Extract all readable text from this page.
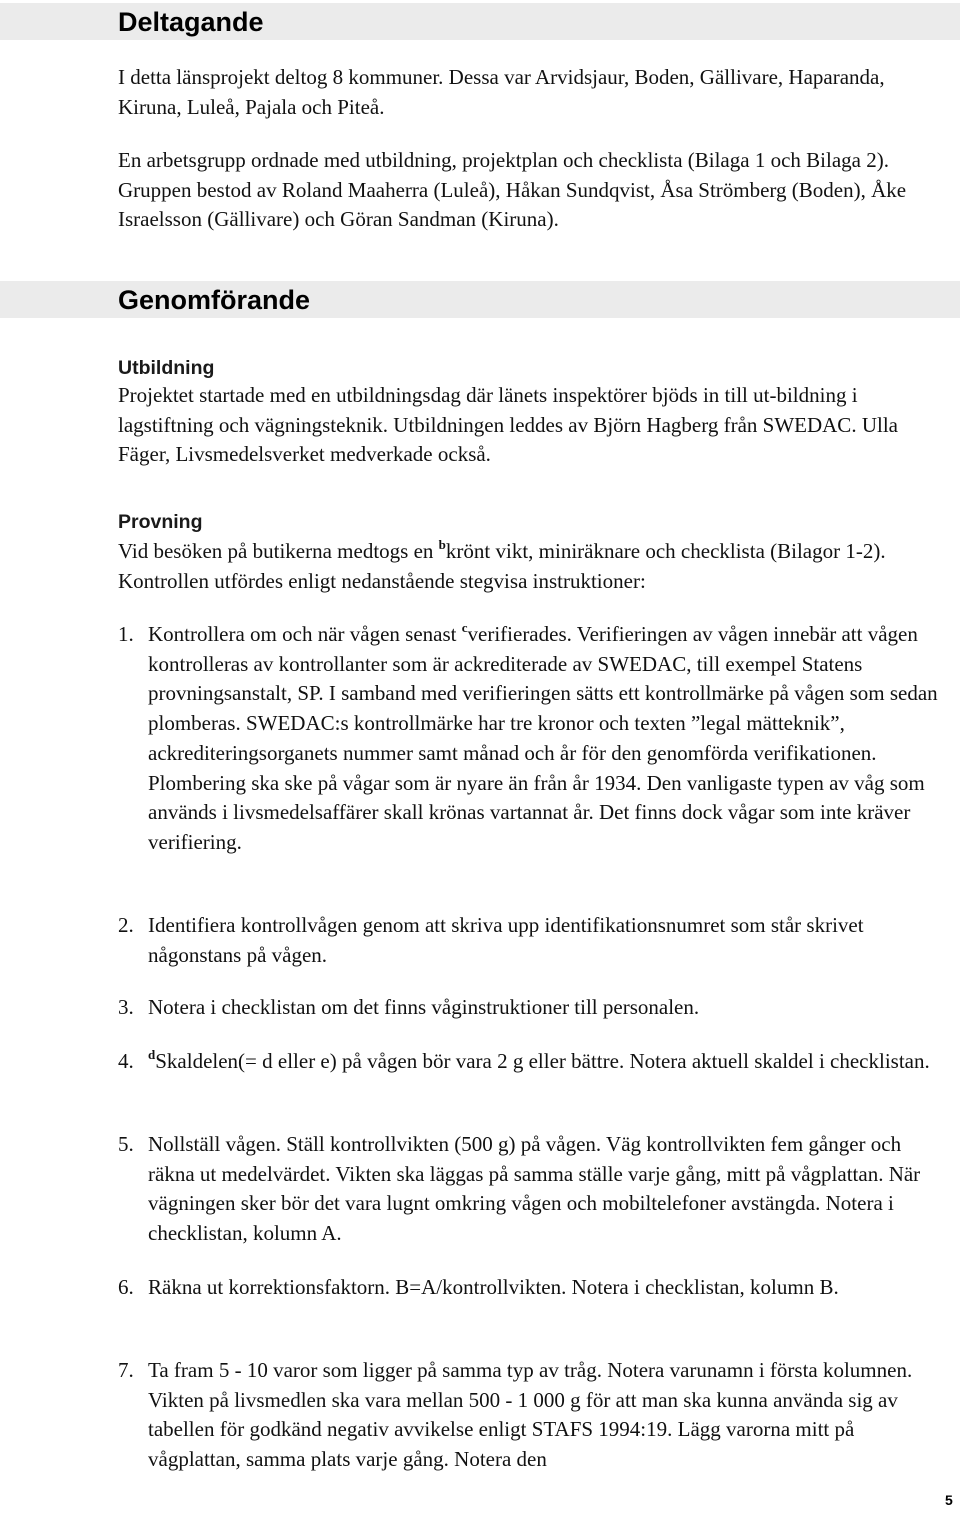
Deltagande

I detta länsprojekt deltog 8 kommuner. Dessa var Arvidsjaur, Boden, Gällivare, Haparanda, Kiruna, Luleå, Pajala och Piteå.

En arbetsgrupp ordnade med utbildning, projektplan och checklista (Bilaga 1 och Bilaga 2). Gruppen bestod av Roland Maaherra (Luleå), Håkan Sundqvist, Åsa Strömberg (Boden), Åke Israelsson (Gällivare) och Göran Sandman (Kiruna).

Genomförande
Utbildning

Projektet startade med en utbildningsdag där länets inspektörer bjöds in till ut-bildning i lagstiftning och vägningsteknik. Utbildningen leddes av Björn Hagberg från SWEDAC. Ulla Fäger, Livsmedelsverket medverkade också.

Provning

Vid besöken på butikerna medtogs en $^b$krönt vikt, miniräknare och checklista (Bilagor 1-2). Kontrollen utfördes enligt nedanstående stegvisa instruktioner:

1. Kontrollera om och när vågen senast $^c$verifierades. Verifieringen av vågen innebär att vågen kontrolleras av kontrollanter som är ackrediterade av SWEDAC, till exempel Statens provningsanstalt, SP. I samband med verifieringen sätts ett kontrollmärke på vågen som sedan plomberas. SWEDAC:s kontrollmärke har tre kronor och texten ”legal mätteknik”, ackrediteringsorganets nummer samt månad och år för den genomförda verifikationen. Plombering ska ske på vågar som är nyare än från år 1934. Den vanligaste typen av våg som används i livsmedelsaffärer skall krönas vartannat år. Det finns dock vågar som inte kräver verifiering.
2. Identifiera kontrollvågen genom att skriva upp identifikationsnumret som står skrivet någonstans på vågen.
3. Notera i checklistan om det finns våginstruktioner till personalen.
4. $^d$Skaldelen(= d eller e) på vågen bör vara 2 g eller bättre. Notera aktuell skaldel i checklistan.
5. Nollställ vågen. Ställ kontrollvikten (500 g) på vågen. Väg kontrollvikten fem gånger och räkna ut medelvärdet. Vikten ska läggas på samma ställe varje gång, mitt på vågplattan. När vägningen sker bör det vara lugnt omkring vågen och mobiltelefoner avstängda. Notera i checklistan, kolumn A.
6. Räkna ut korrektionsfaktorn. B=A/kontrollvikten. Notera i checklistan, kolumn B.
7. Ta fram 5 - 10 varor som ligger på samma typ av tråg. Notera varunamn i första kolumnen. Vikten på livsmedlen ska vara mellan 500 - 1 000 g för att man ska kunna använda sig av tabellen för godkänd negativ avvikelse enligt STAFS 1994:19. Lägg varorna mitt på vågplattan, samma plats varje gång. Notera den
5
